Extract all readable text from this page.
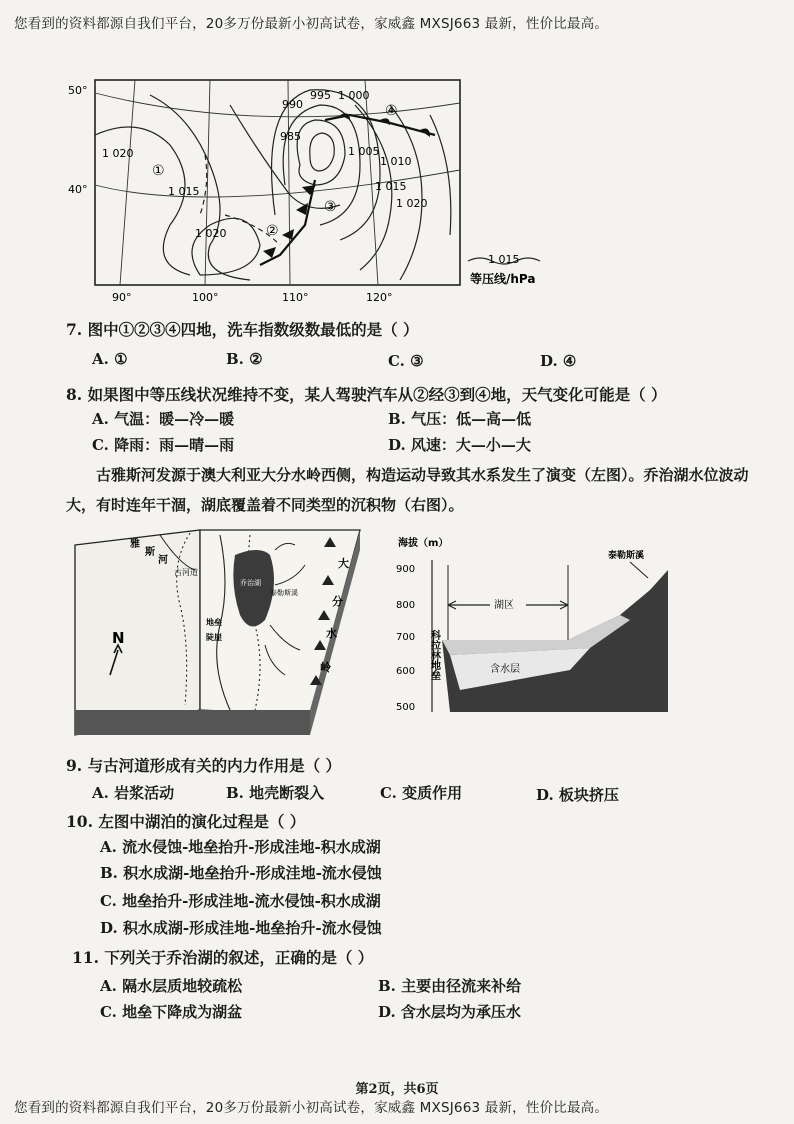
您看到的资料都源自我们平台，20多万份最新小初高试卷，家威鑫 MXSJ663 最新，性价比最高。
50°
40°
90°	100°	110°	120°
1 020
1 015
1 020
990
995 1 000
985
1 005
1 010
1 015
1 020
①
②
③
④
1 015
等压线/hPa
7. 图中①②③④四地，洗车指数级数最低的是（ ）
A. ①	B. ②	C. ③	D. ④
8. 如果图中等压线状况维持不变，某人驾驶汽车从②经③到④地，天气变化可能是（ ）
A. 气温：暖—冷—暖	B. 气压：低—高—低
C. 降雨：雨—晴—雨	D. 风速：大—小—大
古雅斯河发源于澳大利亚大分水岭西侧，构造运动导致其水系发生了演变（左图）。乔治湖水位波动大，有时连年干涸，湖底覆盖着不同类型的沉积物（右图）。
雅
斯
河
古河道
乔治湖
地垒
陡崖
泰勒斯溪
大
分
水
岭
N
海拔（m）
900
800
700
600
500
湖区
泰勒斯溪
含水层
科拉林地垒
9. 与古河道形成有关的内力作用是（ ）
A. 岩浆活动	B. 地壳断裂入	C. 变质作用	D. 板块挤压
10. 左图中湖泊的演化过程是（ ）
A. 流水侵蚀-地垒抬升-形成洼地-积水成湖
B. 积水成湖-地垒抬升-形成洼地-流水侵蚀
C. 地垒抬升-形成洼地-流水侵蚀-积水成湖
D. 积水成湖-形成洼地-地垒抬升-流水侵蚀
11. 下列关于乔治湖的叙述，正确的是（ ）
A. 隔水层质地较疏松	B. 主要由径流来补给
C. 地垒下降成为湖盆	D. 含水层均为承压水
第2页，共6页
您看到的资料都源自我们平台，20多万份最新小初高试卷，家威鑫 MXSJ663 最新，性价比最高。
